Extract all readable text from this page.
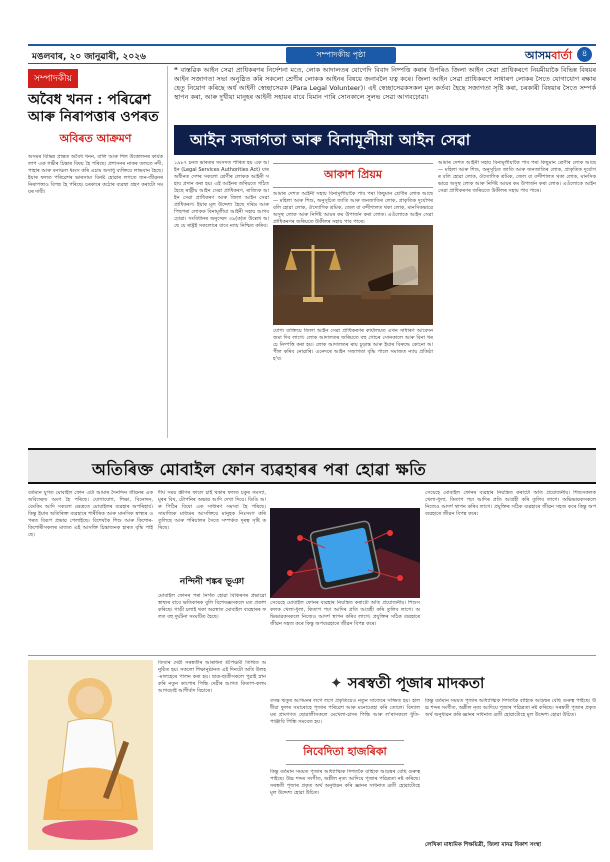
মঙলবাৰ, ২০ জানুৱাৰী, ২০২৬	সম্পাদকীয় পৃষ্ঠা	আসমবাৰ্তা	৪
সম্পাদকীয়
অবৈধ খনন : পৰিৱেশ আৰু নিৰাপত্তাৰ ওপৰত
অবিৰত আক্ৰমণ
অসমৰ বিভিন্ন প্ৰান্তত অবৈধ খনন, বালি আৰু শিল উত্তোলনৰ কাৰ্যকলাপ এক গভীৰ চিন্তাৰ বিষয় হৈ পৰিছে। প্ৰশাসনৰ নাকৰ তলতে নদী, পাহাৰ আৰু বনাঞ্চল ধ্বংস কৰি এচাম অসাধু ব্যক্তিয়ে লাভবান হৈছে। ইয়াৰ ফলত পৰিৱেশৰ ভাৰসাম্য বিনষ্ট হোৱাৰ লগতে জন-জীৱনৰ নিৰাপত্তাও বিপন্ন হৈ পৰিছে। চৰকাৰে কঠোৰ ব্যৱস্থা গ্ৰহণ কৰাটো সময়ৰ দাবী।
❝ বাস্তৱিক আইন সেৱা প্ৰাধিকৰণৰ নিৰ্দেশনা মতে, লোক আদালতৰ যোগেদি বিবাদ নিষ্পত্তি কৰাৰ উপৰিও জিলা আইন সেৱা প্ৰাধিকৰণে নিয়মীয়াকৈ বিভিন্ন বিষয়ৰ আইন সজাগতা সভা অনুষ্ঠিত কৰি সকলো শ্ৰেণীৰ লোকক আইনৰ বিষয়ে জনাবলৈ যত্ন কৰে। জিলা আইন সেৱা প্ৰাধিকৰণে সাধাৰণ লোকৰ সৈতে যোগাযোগ ৰক্ষাৰ হেতু নিয়োগ কৰিছে অৰ্ধ আইনী স্বেচ্ছাসেৱক (Para Legal Volunteer)। এই স্বেচ্ছাসেৱকসকল মূল কৰ্তব্য হৈছে সজাগতা সৃষ্টি কৰা, চৰকাৰী বিষয়াৰ সৈতে সম্পৰ্ক স্থাপন কৰা, আৰু দুখীয়া মানুহৰ আইনী সহায়ৰ বাবে যিমান পাৰি সোনকালে সুলভ সেৱা আগবঢ়োৱা।
আইন সজাগতা আৰু বিনামূলীয়া আইন সেৱা
১৯৮৭ চনত ভাৰতৰ সংসদত পাৰিত হয় এক আইন (Legal Services Authorities Act) যাৰ অধীনত দেশৰ সকলো শ্ৰেণীৰ লোকক আইনী সহায় প্ৰদান কৰা হয়। এই আইনৰ জৰিয়তে গঠিত হৈছে ৰাষ্ট্ৰীয় আইন সেৱা প্ৰাধিকৰণ, ৰাজ্যিক আইন সেৱা প্ৰাধিকৰণ আৰু জিলা আইন সেৱা প্ৰাধিকৰণ। ইয়াৰ মূল উদ্দেশ্য হৈছে দৰিদ্ৰ আৰু পিছপৰা লোকক বিনামূলীয়া আইনী সহায় আগবঢ়োৱা। সংবিধানৰ অনুচ্ছেদ ৩৯(ক)ত উল্লেখ আছে যে ৰাষ্ট্ৰই সকলোৰে বাবে ন্যায় নিশ্চিত কৰিব।
আকাশ প্ৰিয়ম
আমাৰ দেশত আইনী সহায় বিনামূলীয়াকৈ পাব পৰা কিছুমান শ্ৰেণীৰ লোক আছে — মহিলা আৰু শিশু, অনুসূচিত জাতি আৰু জনজাতিৰ লোক, প্ৰাকৃতিক দুৰ্যোগৰ বলি হোৱা লোক, ঔদ্যোগিক শ্ৰমিক, জেল বা বন্দীশালত থকা লোক, মানসিকভাৱে অসুস্থ লোক আৰু নিৰ্দিষ্ট আয়ৰ কম উপাৰ্জন কৰা লোক। এওঁলোকে আইন সেৱা প্ৰাধিকৰণৰ জৰিয়তে উকীলৰ সহায় পাব পাৰে।
যোগ্য ব্যক্তিয়ে জিলা আইন সেৱা প্ৰাধিকৰণৰ কাৰ্যালয়ত এখন সাধাৰণ আবেদন জমা দিব লাগে। লোক আদালতৰ জৰিয়তে বহু গোচৰ সোনকালে আৰু বিনা খৰচে নিষ্পত্তি কৰা হয়। লোক আদালতৰ ৰায় চূড়ান্ত আৰু ইয়াৰ বিৰুদ্ধে কোনো আপীল কৰিব নোৱাৰি। এনেদৰে আইন সজাগতা বৃদ্ধি পালে সমাজত ন্যায় প্ৰতিষ্ঠা হ'ব।
আমাৰ দেশত আইনী সহায় বিনামূলীয়াকৈ পাব পৰা কিছুমান শ্ৰেণীৰ লোক আছে — মহিলা আৰু শিশু, অনুসূচিত জাতি আৰু জনজাতিৰ লোক, প্ৰাকৃতিক দুৰ্যোগৰ বলি হোৱা লোক, ঔদ্যোগিক শ্ৰমিক, জেল বা বন্দীশালত থকা লোক, মানসিকভাৱে অসুস্থ লোক আৰু নিৰ্দিষ্ট আয়ৰ কম উপাৰ্জন কৰা লোক। এওঁলোকে আইন সেৱা প্ৰাধিকৰণৰ জৰিয়তে উকীলৰ সহায় পাব পাৰে।
অতিৰিক্ত মোবাইল ফোন ব্যৱহাৰৰ পৰা হোৱা ক্ষতি
বৰ্তমান যুগত মোবাইল ফোন এটা আমাৰ দৈনন্দিন জীৱনৰ এক অবিচ্ছেদ্য অংগ হৈ পৰিছে। যোগাযোগ, শিক্ষা, বিনোদন, বেংকিং আদি সকলো ক্ষেত্ৰতে মোবাইলৰ ব্যৱহাৰ অপৰিহাৰ্য। কিন্তু ইয়াৰ অতিৰিক্ত ব্যৱহাৰে শাৰীৰিক আৰু মানসিক স্বাস্থ্যৰ ওপৰত বিৰূপ প্ৰভাৱ পেলাইছে। বিশেষকৈ শিশু আৰু কিশোৰ-কিশোৰীসকলৰ মাজত এই আসক্তি চিন্তাজনক হাৰত বৃদ্ধি পাইছে।
দীৰ্ঘ সময় স্ক্ৰীণৰ ফালে চাই থকাৰ ফলত চকুৰ সমস্যা, মূৰৰ বিষ, টোপনিৰ অভাৱ আদি দেখা দিয়ে। ডিঙি আৰু পিঠিৰ বিষো এক সাধাৰণ সমস্যা হৈ পৰিছে। সামাজিক মাধ্যমৰ আসক্তিয়ে মানুহক নিঃসংগ কৰি তুলিছে আৰু পৰিয়ালৰ সৈতে সম্পৰ্কত দূৰত্ব সৃষ্টি কৰিছে।
নন্দিনী শঙ্কৰ ভূঞা
মোবাইল ফোনৰ পৰা নিৰ্গত হোৱা বিকিৰণৰ প্ৰভাৱো স্বাস্থ্যৰ বাবে ক্ষতিকাৰক বুলি বিশেষজ্ঞসকলে মত প্ৰকাশ কৰিছে। গাড়ী চলাই থকা অৱস্থাত মোবাইল ব্যৱহাৰৰ ফলত বহু দুৰ্ঘটনা সংঘটিত হৈছে।
সেয়েহে মোবাইল ফোনৰ ব্যৱহাৰ নিয়ন্ত্ৰিত কৰাটো অতি প্ৰয়োজনীয়। শিশুসকলক খেলা-ধূলা, কিতাপ পঢ়া আদিৰ প্ৰতি আগ্ৰহী কৰি তুলিব লাগে। অভিভাৱকসকলে নিজেও আদৰ্শ স্থাপন কৰিব লাগে। প্ৰযুক্তিৰ সঠিক ব্যৱহাৰে জীৱন সহজ কৰে কিন্তু অপব্যৱহাৰে জীৱন বিপন্ন কৰে।
সেয়েহে মোবাইল ফোনৰ ব্যৱহাৰ নিয়ন্ত্ৰিত কৰাটো অতি প্ৰয়োজনীয়। শিশুসকলক খেলা-ধূলা, কিতাপ পঢ়া আদিৰ প্ৰতি আগ্ৰহী কৰি তুলিব লাগে। অভিভাৱকসকলে নিজেও আদৰ্শ স্থাপন কৰিব লাগে। প্ৰযুক্তিৰ সঠিক ব্যৱহাৰে জীৱন সহজ কৰে কিন্তু অপব্যৱহাৰে জীৱন বিপন্ন কৰে।
✦ সৰস্বতী পূজাৰ মাদকতা
বিদ্যাৰ দেৱী সৰস্বতীৰ আৰাধনা শ্ৰীপঞ্চমী তিথিত অনুষ্ঠিত হয়। সকলো শিক্ষানুষ্ঠানত এই দিনটো অতি উলহ-মালহেৰে পালন কৰা হয়। ছাত্ৰ-ছাত্ৰীসকলে পুৱাই স্নান কৰি নতুন কাপোৰ পিন্ধি দেৱীৰ আগত কিতাপ-কলম আগবঢ়াই আশীৰ্বাদ বিচাৰে।
বসন্ত ঋতুৰ আগমনৰ লগে লগে প্ৰকৃতিয়েও নতুন সাজেৰে সজ্জিত হয়। হালধীয়া ফুলৰ সমাৰোহে পূজাৰ পৰিৱেশ আৰু মনোমোহা কৰি তোলে। বিদ্যালয়ৰ প্ৰাংগণত ছোৱালীসকলে মেখেলা-চাদৰ পিন্ধি আৰু ল'ৰাসকলে ধুতি-পাঞ্জাবি পিন্ধি সমবেত হয়।
নিবেদিতা হাজৰিকা
কিন্তু বৰ্তমান সময়ত পূজাৰ আধ্যাত্মিক দিশতকৈ বাহ্যিক আড়ম্বৰ বেছি গুৰুত্ব পাইছে। উচ্চ শব্দৰ সংগীত, অশ্লীল নৃত্য আদিয়ে পূজাৰ পৱিত্ৰতা নষ্ট কৰিছে। সৰস্বতী পূজাৰ প্ৰকৃত অৰ্থ অনুধাৱন কৰি জ্ঞানৰ সাধনাত ব্ৰতী হোৱাটোহে মূল উদ্দেশ্য হোৱা উচিত।
কিন্তু বৰ্তমান সময়ত পূজাৰ আধ্যাত্মিক দিশতকৈ বাহ্যিক আড়ম্বৰ বেছি গুৰুত্ব পাইছে। উচ্চ শব্দৰ সংগীত, অশ্লীল নৃত্য আদিয়ে পূজাৰ পৱিত্ৰতা নষ্ট কৰিছে। সৰস্বতী পূজাৰ প্ৰকৃত অৰ্থ অনুধাৱন কৰি জ্ঞানৰ সাধনাত ব্ৰতী হোৱাটোহে মূল উদ্দেশ্য হোৱা উচিত।
লেখিকা মাধ্যমিক শিক্ষয়িত্ৰী, জিলা মানৱ বিকাশ সংস্থা
